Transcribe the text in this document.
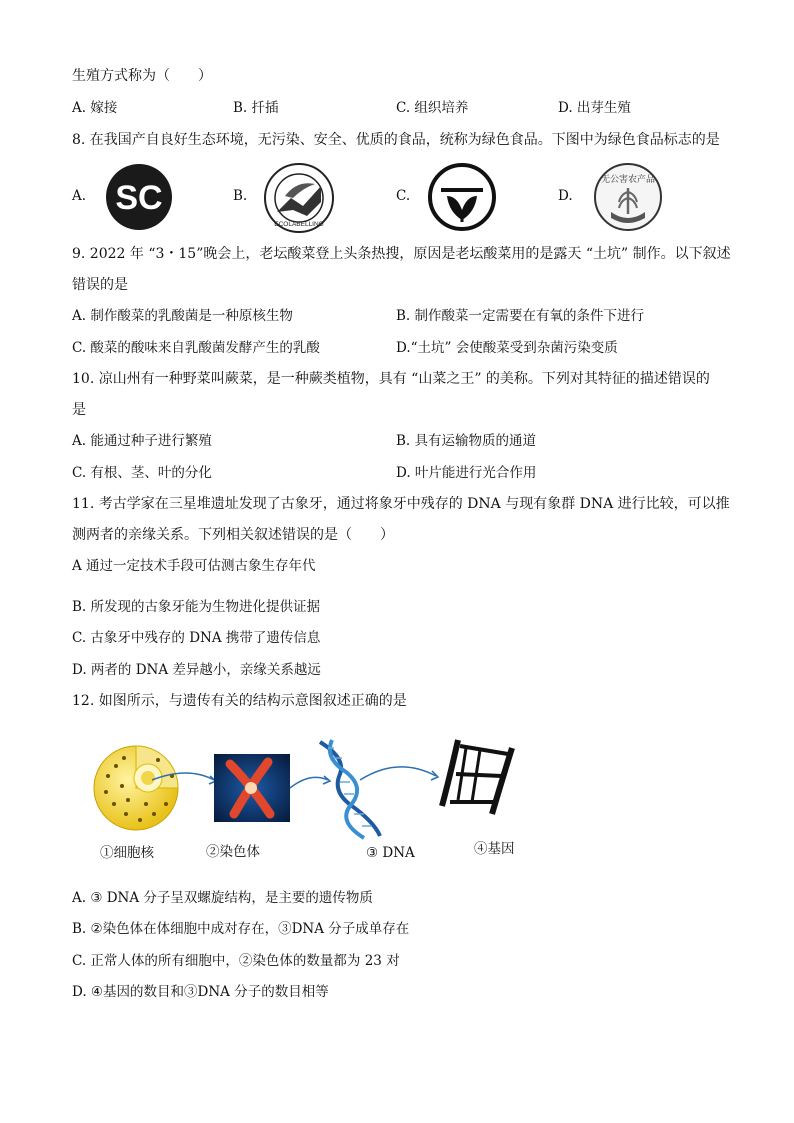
生殖方式称为（　　）
A. 嫁接	B. 扦插	C. 组织培养	D. 出芽生殖
8. 在我国产自良好生态环境，无污染、安全、优质的食品，统称为绿色食品。下图中为绿色食品标志的是
A.	B.	C.	D.
SC
ECOLABELLING
无公害农产品
9. 2022 年 “3・15”晚会上，老坛酸菜登上头条热搜，原因是老坛酸菜用的是露天 “土坑” 制作。以下叙述
错误的是
A. 制作酸菜的乳酸菌是一种原核生物	B. 制作酸菜一定需要在有氧的条件下进行
C. 酸菜的酸味来自乳酸菌发酵产生的乳酸	D.“土坑” 会使酸菜受到杂菌污染变质
10. 凉山州有一种野菜叫蕨菜，是一种蕨类植物，具有 “山菜之王” 的美称。下列对其特征的描述错误的
是
A. 能通过种子进行繁殖	B. 具有运输物质的通道
C. 有根、茎、叶的分化	D. 叶片能进行光合作用
11. 考古学家在三星堆遗址发现了古象牙，通过将象牙中残存的 DNA 与现有象群 DNA 进行比较，可以推
测两者的亲缘关系。下列相关叙述错误的是（　　）
A 通过一定技术手段可估测古象生存年代
B. 所发现的古象牙能为生物进化提供证据
C. 古象牙中残存的 DNA 携带了遗传信息
D. 两者的 DNA 差异越小，亲缘关系越远
12. 如图所示，与遗传有关的结构示意图叙述正确的是
①细胞核	②染色体	③ DNA	④基因
A. ③ DNA 分子呈双螺旋结构，是主要的遗传物质
B. ②染色体在体细胞中成对存在，③DNA 分子成单存在
C. 正常人体的所有细胞中，②染色体的数量都为 23 对
D. ④基因的数目和③DNA 分子的数目相等
